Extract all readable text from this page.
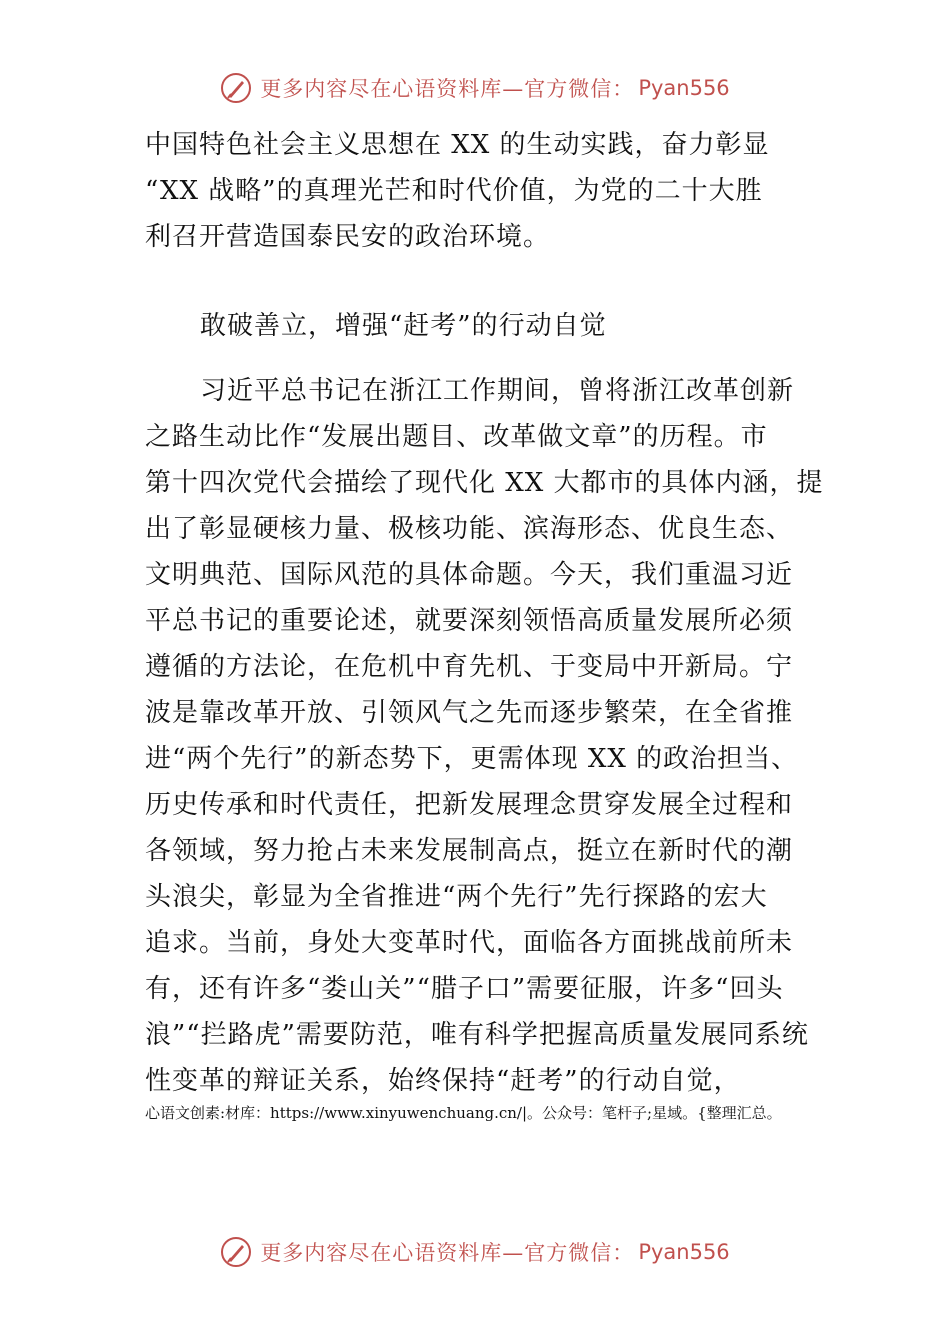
更多内容尽在心语资料库—官方微信： Pyan556
中国特色社会主义思想在 XX 的生动实践，奋力彰显
“XX 战略”的真理光芒和时代价值，为党的二十大胜
利召开营造国泰民安的政治环境。
敢破善立，增强“赶考”的行动自觉
习近平总书记在浙江工作期间，曾将浙江改革创新
之路生动比作“发展出题目、改革做文章”的历程。市
第十四次党代会描绘了现代化 XX 大都市的具体内涵，提
出了彰显硬核力量、极核功能、滨海形态、优良生态、
文明典范、国际风范的具体命题。今天，我们重温习近
平总书记的重要论述，就要深刻领悟高质量发展所必须
遵循的方法论，在危机中育先机、于变局中开新局。宁
波是靠改革开放、引领风气之先而逐步繁荣，在全省推
进“两个先行”的新态势下，更需体现 XX 的政治担当、
历史传承和时代责任，把新发展理念贯穿发展全过程和
各领域，努力抢占未来发展制高点，挺立在新时代的潮
头浪尖，彰显为全省推进“两个先行”先行探路的宏大
追求。当前，身处大变革时代，面临各方面挑战前所未
有，还有许多“娄山关”“腊子口”需要征服，许多“回头
浪”“拦路虎”需要防范，唯有科学把握高质量发展同系统
性变革的辩证关系，始终保持“赶考”的行动自觉，
心语文创素:材库：https://www.xinyuwenchuang.cn/|。公众号：笔杆子;星域。{整理汇总。
更多内容尽在心语资料库—官方微信： Pyan556
